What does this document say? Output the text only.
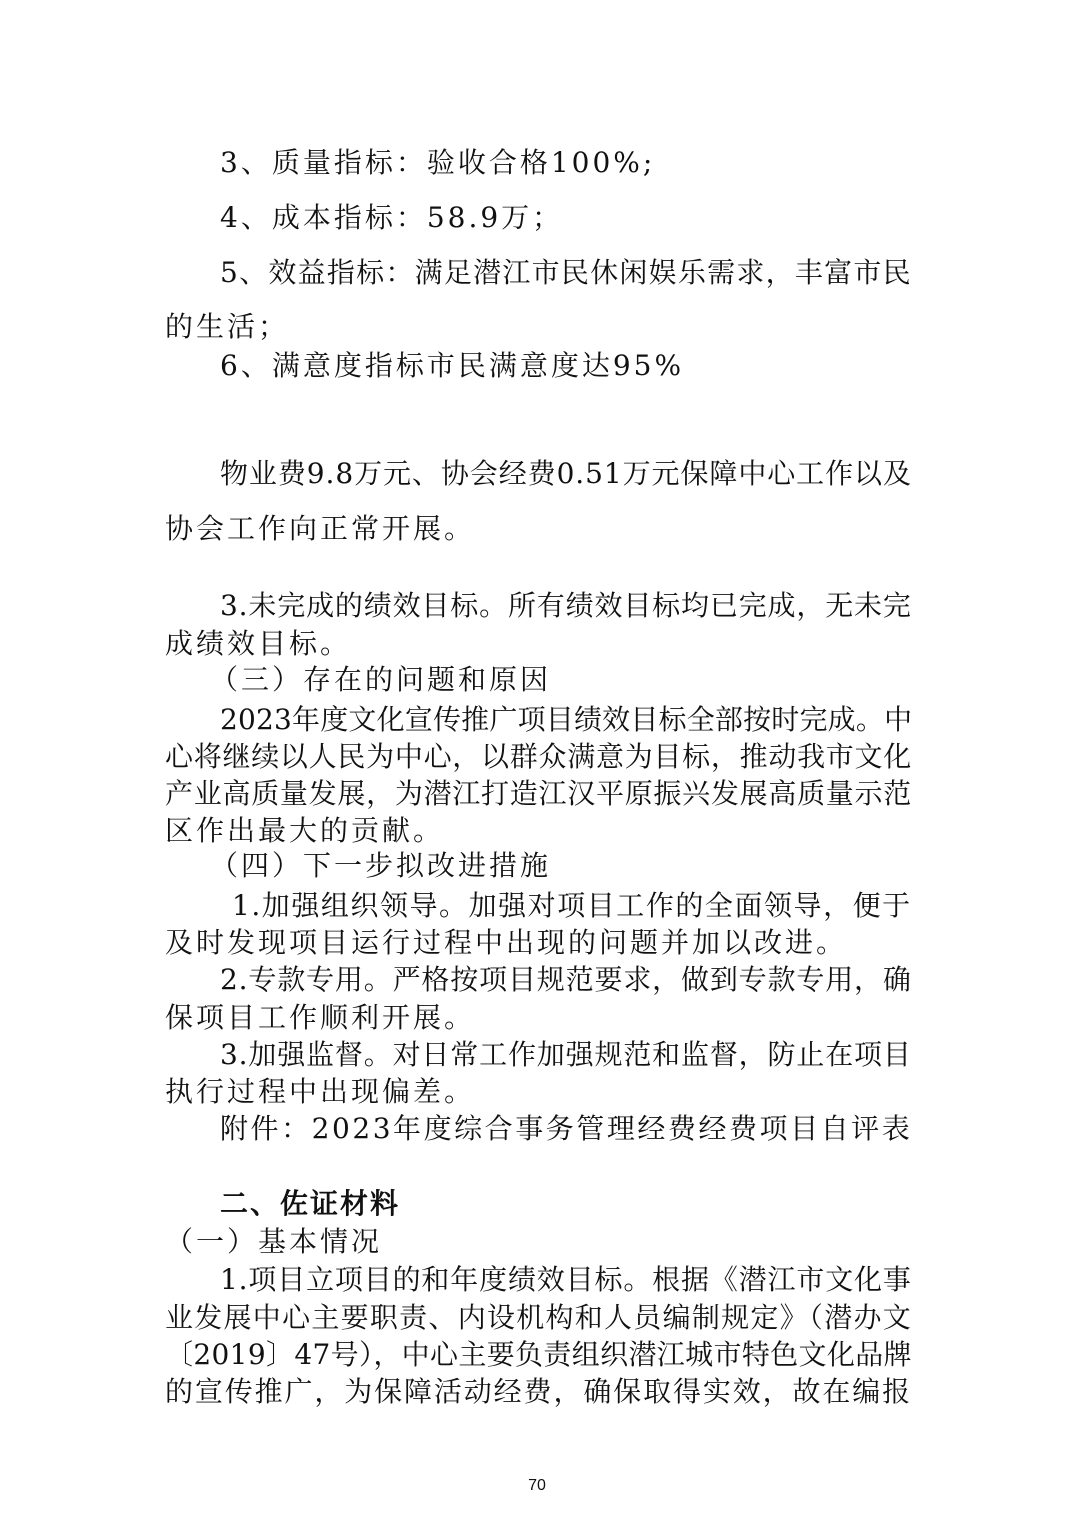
3、质量指标：验收合格100%;
4、成本指标：58.9万；
5、效益指标：满足潜江市民休闲娱乐需求，丰富市民
的生活；
6、满意度指标市民满意度达95%
物业费9.8万元、协会经费0.51万元保障中心工作以及
协会工作向正常开展。
3.未完成的绩效目标。所有绩效目标均已完成，无未完
成绩效目标。
（三）存在的问题和原因
2023年度文化宣传推广项目绩效目标全部按时完成。中
心将继续以人民为中心，以群众满意为目标，推动我市文化
产业高质量发展，为潜江打造江汉平原振兴发展高质量示范
区作出最大的贡献。
（四）下一步拟改进措施
1.加强组织领导。加强对项目工作的全面领导，便于
及时发现项目运行过程中出现的问题并加以改进。
2.专款专用。严格按项目规范要求，做到专款专用，确
保项目工作顺利开展。
3.加强监督。对日常工作加强规范和监督，防止在项目
执行过程中出现偏差。
附件：2023年度综合事务管理经费经费项目自评表
二、佐证材料
（一）基本情况
1.项目立项目的和年度绩效目标。根据《潜江市文化事
业发展中心主要职责、内设机构和人员编制规定》（潜办文
〔2019〕47号），中心主要负责组织潜江城市特色文化品牌
的宣传推广，为保障活动经费，确保取得实效，故在编报
70
